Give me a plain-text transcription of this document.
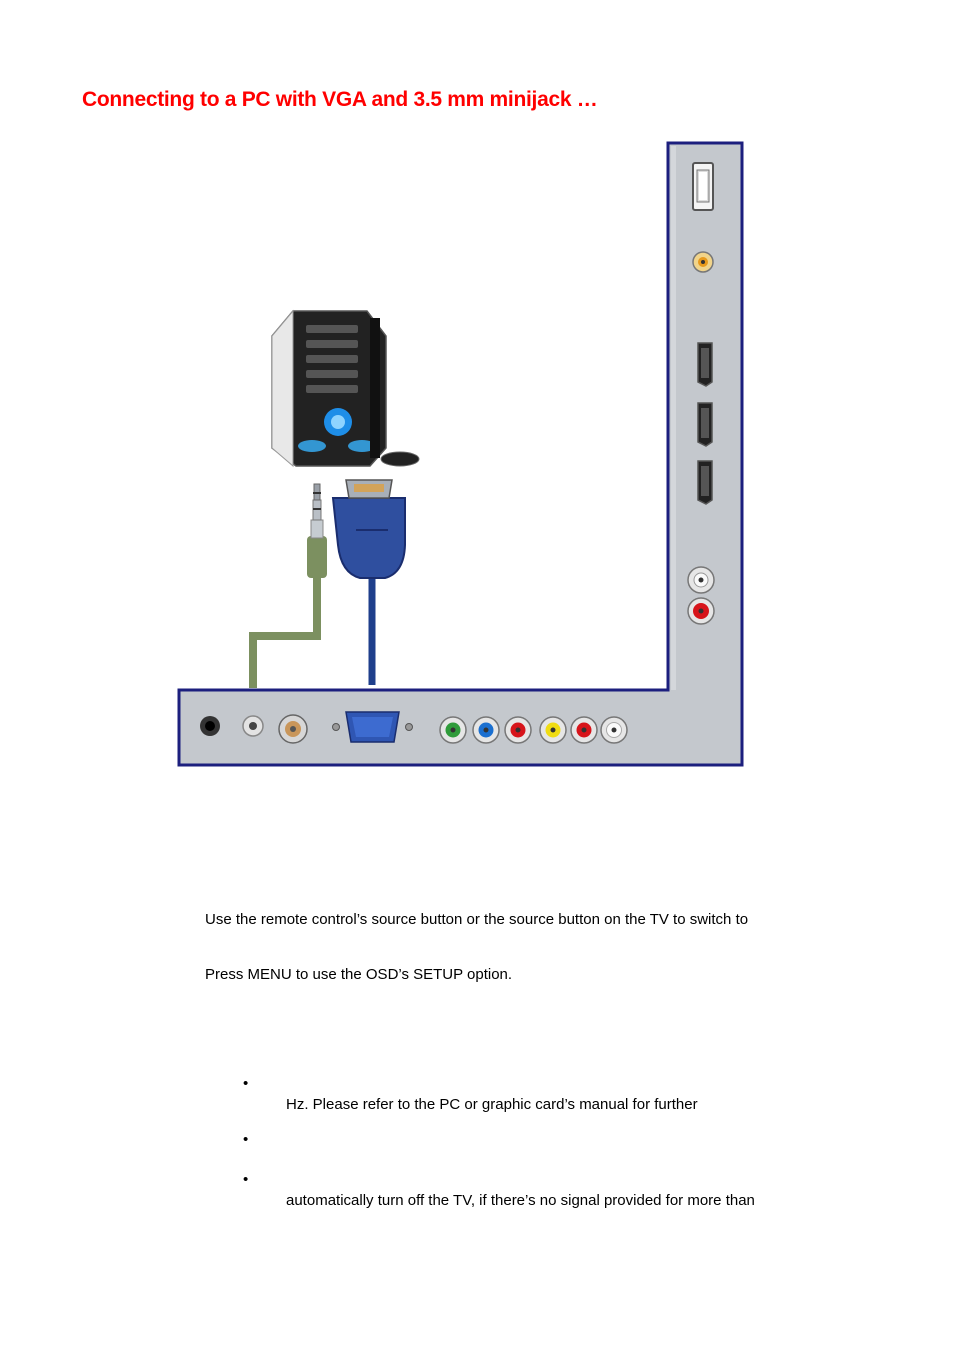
Connecting to a PC with VGA and 3.5 mm minijack …

Use the remote control’s source button or the source button on the TV to switch to

Press MENU to use the OSD’s SETUP option.

•

Hz. Please refer to the PC or graphic card’s manual for further

•

•

automatically turn off the TV, if there’s no signal provided for more than
